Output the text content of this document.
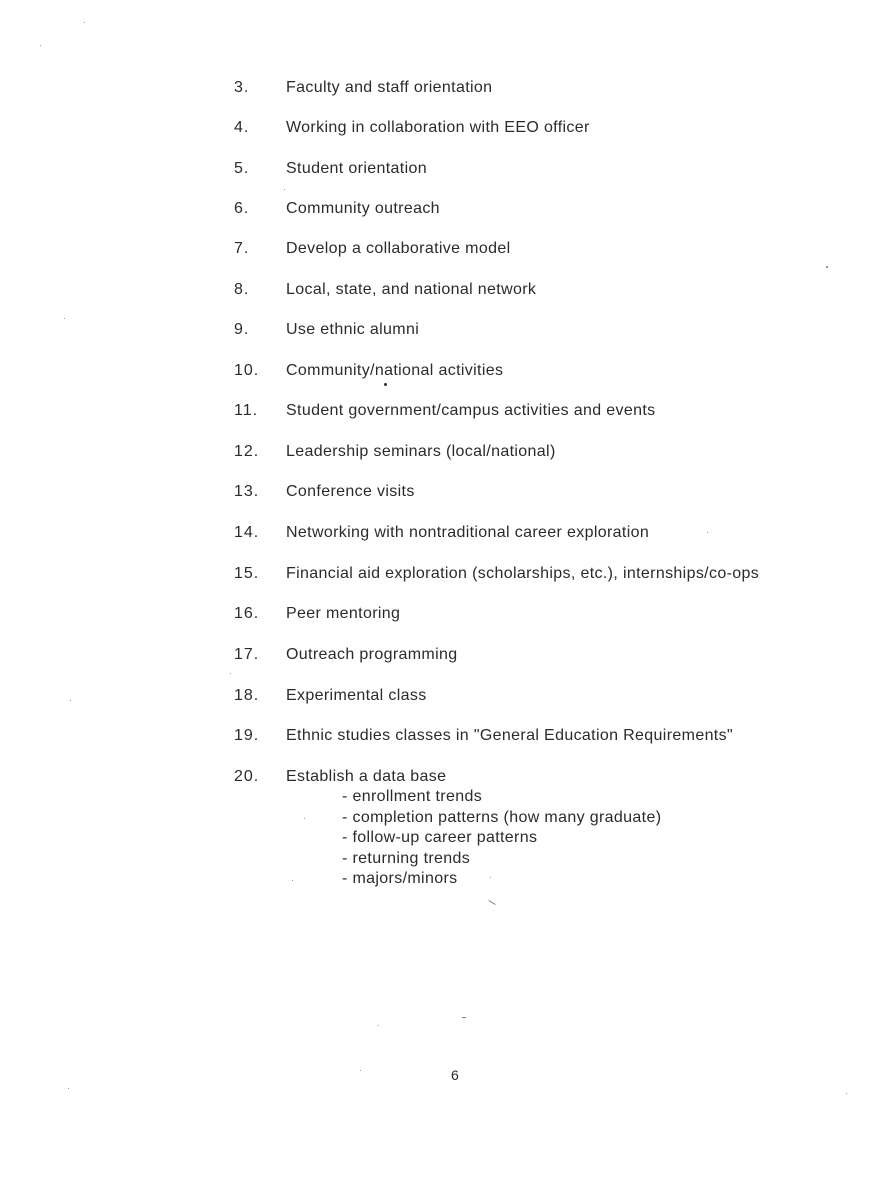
3. Faculty and staff orientation
4. Working in collaboration with EEO officer
5. Student orientation
6. Community outreach
7. Develop a collaborative model
8. Local, state, and national network
9. Use ethnic alumni
10. Community/national activities
11. Student government/campus activities and events
12. Leadership seminars (local/national)
13. Conference visits
14. Networking with nontraditional career exploration
15. Financial aid exploration (scholarships, etc.), internships/co-ops
16. Peer mentoring
17. Outreach programming
18. Experimental class
19. Ethnic studies classes in "General Education Requirements"
20. Establish a data base
- enrollment trends
- completion patterns (how many graduate)
- follow-up career patterns
- returning trends
- majors/minors
6
